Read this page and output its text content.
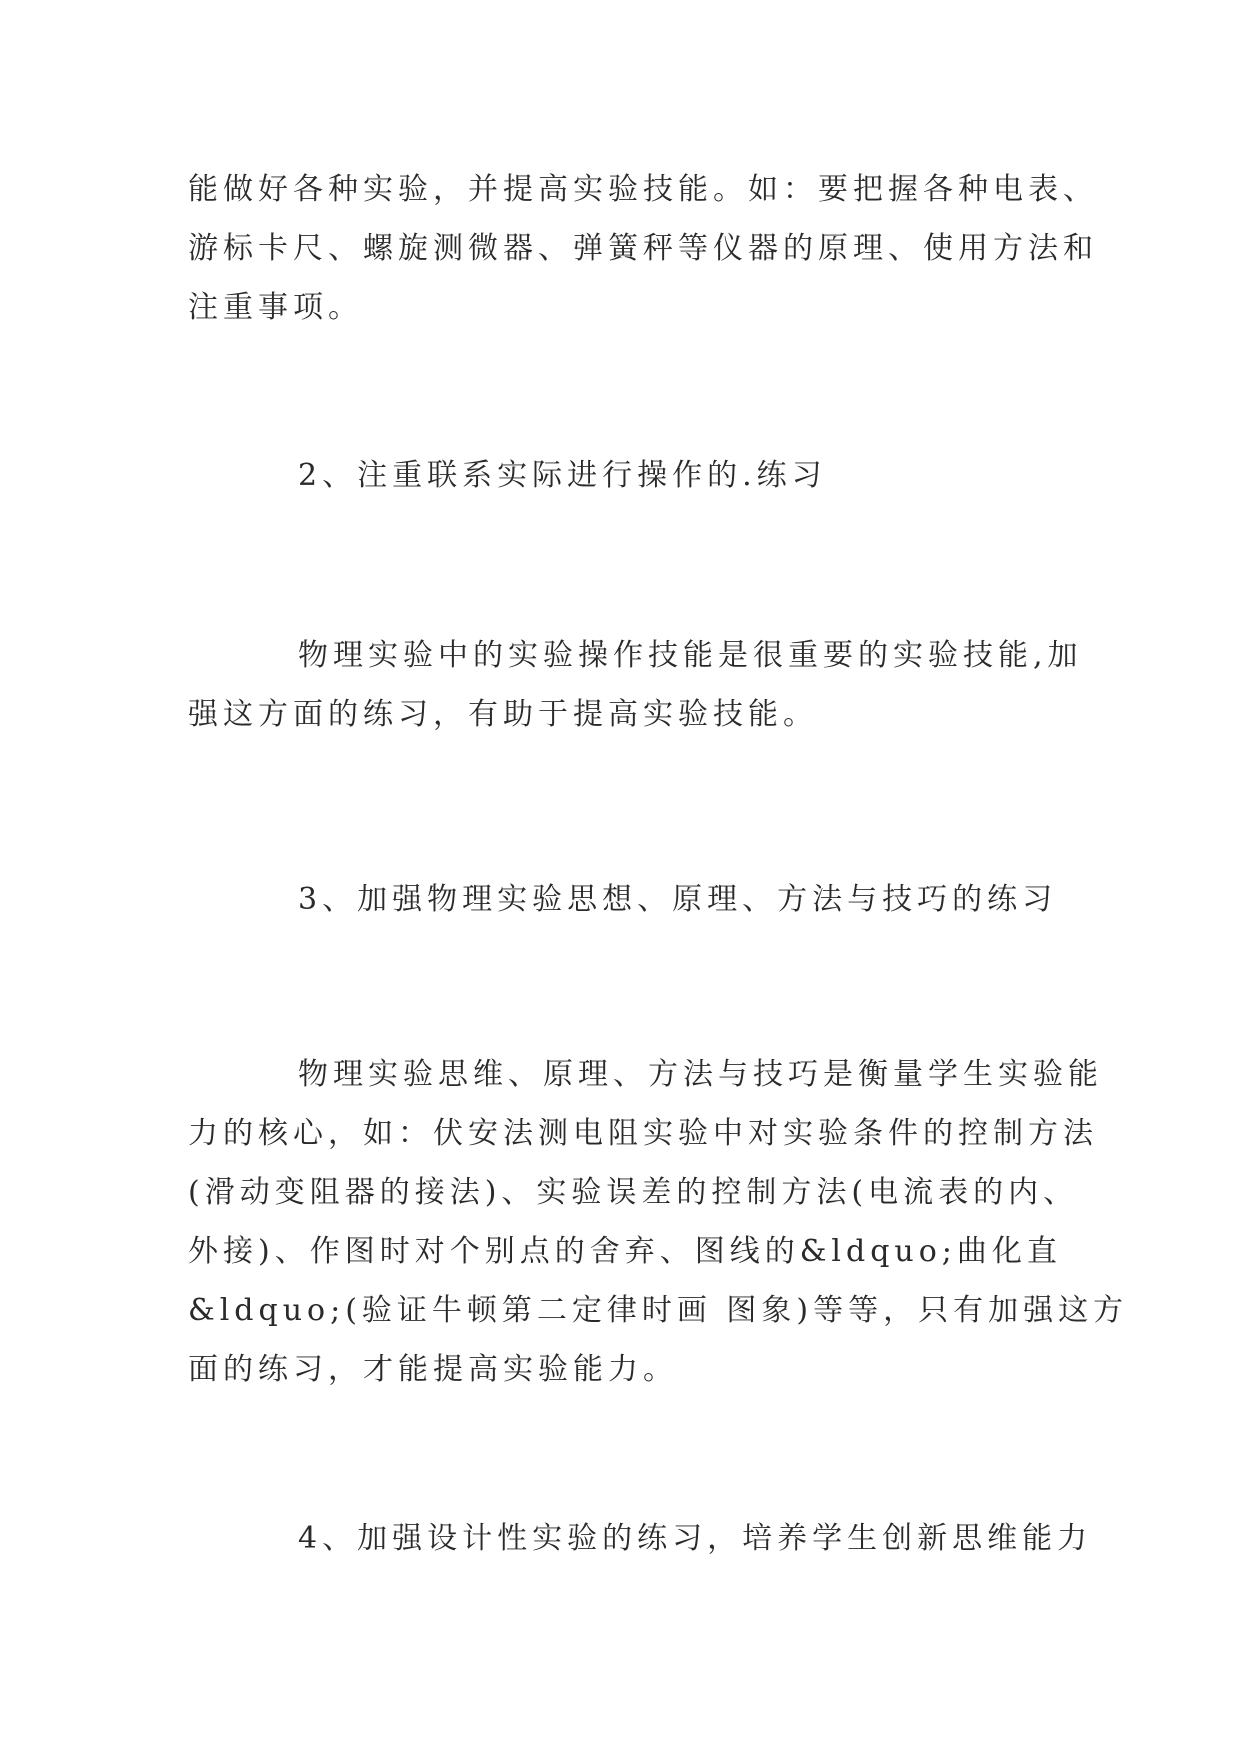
能做好各种实验，并提高实验技能。如：要把握各种电表、
游标卡尺、螺旋测微器、弹簧秤等仪器的原理、使用方法和
注重事项。
2、注重联系实际进行操作的.练习
物理实验中的实验操作技能是很重要的实验技能,加
强这方面的练习，有助于提高实验技能。
3、加强物理实验思想、原理、方法与技巧的练习
物理实验思维、原理、方法与技巧是衡量学生实验能
力的核心，如：伏安法测电阻实验中对实验条件的控制方法
(滑动变阻器的接法)、实验误差的控制方法(电流表的内、
外接)、作图时对个别点的舍弃、图线的&ldquo;曲化直
&ldquo;(验证牛顿第二定律时画 图象)等等，只有加强这方
面的练习，才能提高实验能力。
4、加强设计性实验的练习，培养学生创新思维能力
